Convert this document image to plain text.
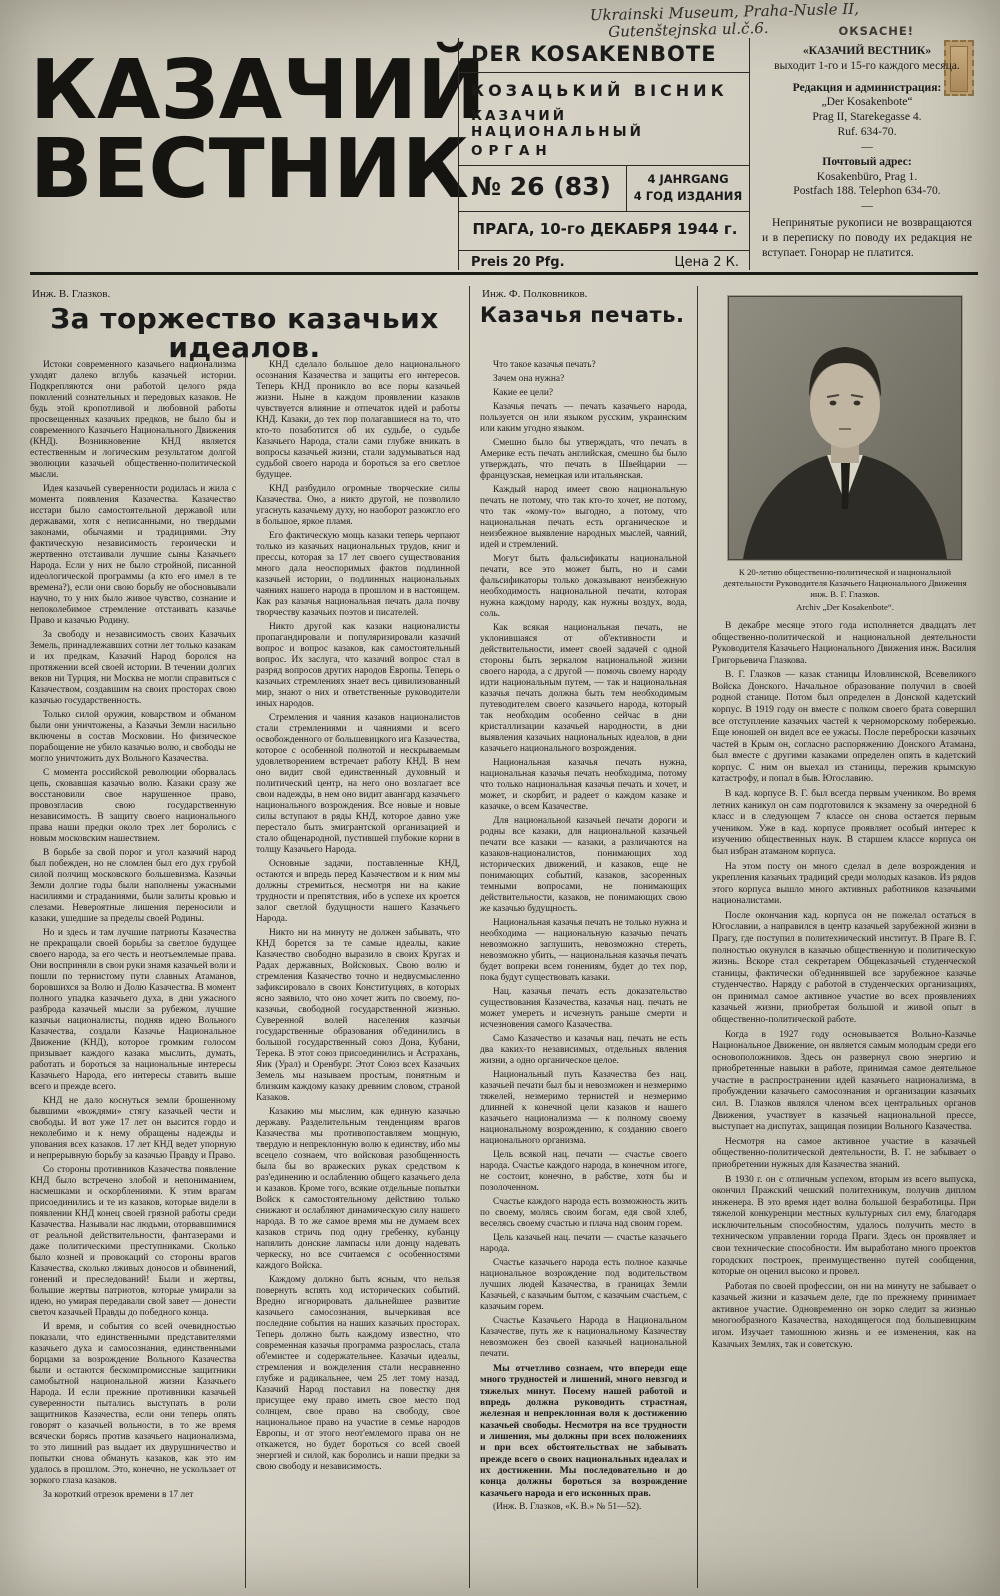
Ukrainski Museum, Praha-Nusle II,
Gutenštejnska ul.č.6.	ОКSACHE!
КАЗАЧИЙ
ВЕСТНИК
DER KOSAKENBOTE
КОЗАЦЬКИЙ ВІСНИК
КАЗАЧИЙ НАЦИОНАЛЬНЫЙ
ОРГАН
№ 26 (83)	4 JAHRGANG
4 ГОД ИЗДАНИЯ
ПРАГА, 10-го ДЕКАБРЯ 1944 г.
Preis 20 Pfg.	Цена 2 К.
«КАЗАЧИЙ ВЕСТНИК»
выходит 1-го и 15-го каждого месяца.
Редакция и администрация:
„Der Kosakenbote“
Prag II, Starekegasse 4.
Ruf. 634-70.
—
Почтовый адрес:
Kosakenbüro, Prag 1.
Postfach 188. Telephon 634-70.
—
Непринятые рукописи не возвращаются и в переписку по поводу их редакция не вступает. Гонорар не платится.
Инж. В. Глазков.
За торжество казачьих идеалов.
Инж. Ф. Полковников.
Казачья печать.

Истоки современного казачьего национализма уходят далеко вглубь казачьей истории. Подкрепляются они работой целого ряда поколений сознательных и передовых казаков. Не будь этой кропотливой и любовной работы просвещенных казачьих предков, не было бы и современного Казачьего Национального Движения (КНД). Возникновение КНД является естественным и логическим результатом долгой эволюции казачьей общественно-политической мысли.

Идея казачьей суверенности родилась и жила с момента появления Казачества. Казачество исстари было самостоятельной державой или державами, хотя с неписанными, но твердыми законами, обычаями и традициями. Эту фактическую независимость героически и жертвенно отстаивали лучшие сыны Казачьего Народа. Если у них не было стройной, писанной идеологической программы (а кто его имел в те времена?), если они свою борьбу не обосновывали научно, то у них было живое чувство, сознание и непоколебимое стремление отстаивать казачье Право и казачью Родину.

За свободу и независимость своих Казачьих Земель, принадлежавших сотни лет только казакам и их предкам, Казачий Народ боролся на протяжении всей своей истории. В течении долгих веков ни Турция, ни Москва не могли справиться с Казачеством, создавшим на своих просторах свою казачью государственность.

Только силой оружия, коварством и обманом были они уничтожены, а Казачьи Земли насильно включены в состав Московии. Но физическое порабощение не убило казачью волю, и свободы не могло уничтожить дух Вольного Казачества.

С момента российской революции оборвалась цепь, сковавшая казачью волю. Казаки сразу же восстановили свое нарушенное право, провозгласив свою государственную независимость. В защиту своего национального права наши предки около трех лет боролись с новым московским нашествием.

В борьбе за свой порог и угол казачий народ был побежден, но не сломлен был его дух грубой силой полчищ московского большевизма. Казачьи Земли долгие годы были наполнены ужасными насилиями и страданиями, были залиты кровью и слезами. Невероятные лишения переносили и казаки, ушедшие за пределы своей Родины.

Но и здесь и там лучшие патриоты Казачества не прекращали своей борьбы за светлое будущее своего народа, за его честь и неотъемлемые права. Они восприняли в свои руки знамя казачьей воли и пошли по тернистому пути славных Атаманов, боровшихся за Волю и Долю Казачества. В момент полного упадка казачьего духа, в дни ужасного разброда казачьей мысли за рубежом, лучшие казачьи националисты, подняв идею Вольного Казачества, создали Казачье Национальное Движение (КНД), которое громким голосом призывает каждого казака мыслить, думать, работать и бороться за национальные интересы Казачьего Народа, его интересы ставить выше всего и прежде всего.

КНД не дало коснуться земли брошенному бывшими «вождями» стягу казачьей чести и свободы. И вот уже 17 лет он высится гордо и неколебимо и к нему обращены надежды и упования всех казаков. 17 лет КНД ведет упорную и непрерывную борьбу за казачью Правду и Право.

Со стороны противников Казачества появление КНД было встречено злобой и непониманием, насмешками и оскорблениями. К этим врагам присоединились и те из казаков, которые видели в появлении КНД конец своей грязной работы среди Казачества. Называли нас людьми, оторвавшимися от реальной действительности, фантазерами и даже политическими преступниками. Сколько было козней и провокаций со стороны врагов Казачества, сколько лживых доносов и обвинений, гонений и преследований! Были и жертвы, большие жертвы патриотов, которые умирали за идею, но умирая передавали свой завет — донести светоч казачьей Правды до победного конца.

И время, и события со всей очевидностью показали, что единственными представителями казачьего духа и самосознания, единственными борцами за возрождение Вольного Казачества были и остаются бескомпромиссные защитники самобытной национальной жизни Казачьего Народа. И если прежние противники казачьей суверенности пытались выступать в роли защитников Казачества, если они теперь опять говорят о казачьей вольности, в то же время всячески борясь против казачьего национализма, то это лишний раз выдает их двурушничество и попытки снова обмануть казаков, как это им удалось в прошлом. Это, конечно, не ускользает от зоркого глаза казаков.

За короткий отрезок времени в 17 лет

КНД сделало большое дело национального осознания Казачества и защиты его интересов. Теперь КНД проникло во все поры казачьей жизни. Ныне в каждом проявлении казаков чувствуется влияние и отпечаток идей и работы КНД. Казаки, до тех пор полагавшиеся на то, что кто-то позаботится об их судьбе, о судьбе Казачьего Народа, стали сами глубже вникать в вопросы казачьей жизни, стали задумываться над судьбой своего народа и бороться за его светлое будущее.

КНД разбудило огромные творческие силы Казачества. Оно, а никто другой, не позволило угаснуть казачьему духу, но наоборот разожгло его в большое, яркое пламя.

Его фактическую мощь казаки теперь черпают только из казачьих национальных трудов, книг и прессы, которая за 17 лет своего существования много дала неоспоримых фактов подлинной казачьей истории, о подлинных национальных чаяниях нашего народа в прошлом и в настоящем. Как раз казачья национальная печать дала почву творчеству казачьих поэтов и писателей.

Никто другой как казаки националисты пропагандировали и популяризировали казачий вопрос и вопрос казаков, как самостоятельный вопрос. Их заслуга, что казачий вопрос стал в разряд вопросов других народов Европы. Теперь о казачьих стремлениях знает весь цивилизованный мир, знают о них и ответственные руководители иных народов.

Стремления и чаяния казаков националистов стали стремлениями и чаяниями и всего освобожденного от большевицкого ига Казачества, которое с особенной полнотой и нескрываемым удовлетворением встречает работу КНД. В нем оно видит свой единственный духовный и политический центр, на него оно возлагает все свои надежды, в нем оно видит авангард казачьего национального возрождения. Все новые и новые силы вступают в ряды КНД, которое давно уже перестало быть эмигрантской организацией и стало общенародной, пустившей глубокие корни в толщу Казачьего Народа.

Основные задачи, поставленные КНД, остаются и впредь перед Казачеством и к ним мы должны стремиться, несмотря ни на какие трудности и препятствия, ибо в успехе их кроется залог светлой будущности нашего Казачьего Народа.

Никто ни на минуту не должен забывать, что КНД борется за те самые идеалы, какие Казачество свободно выразило в своих Кругах и Радах державных, Войсковых. Свою волю и стремления Казачество точно и недвусмысленно зафиксировало в своих Конституциях, в которых ясно заявило, что оно хочет жить по своему, по-казачьи, свободной государственной жизнью. Суверенной волей населения казачьи государственные образования об'единились в большой государственный союз Дона, Кубани, Терека. В этот союз присоединились и Астрахань, Яик (Урал) и Оренбург. Этот Союз всех Казачьих Земель мы называем простым, понятным и близким каждому казаку древним словом, страной Казаков.

Казакию мы мыслим, как единую казачью державу. Разделительным тенденциям врагов Казачества мы противопоставляем мощную, твердую и непреклонную волю к единству, ибо мы всецело сознаем, что войсковая разобщенность была бы во вражеских руках средством к раз'единению и ослаблению общего казачьего дела и казаков. Кроме того, всякие отдельные попытки Войск к самостоятельному действию только снижают и ослабляют динамическую силу нашего народа. В то же самое время мы не думаем всех казаков стричь под одну гребенку, кубанцу напялить донские лампасы или донцу надевать черкеску, но все считаемся с особенностями каждого Войска.

Каждому должно быть ясным, что нельзя повернуть вспять ход исторических событий. Вредно игнорировать дальнейшее развитие казачьего самосознания, вычеркивая все последние события на наших казачьих просторах. Теперь должно быть каждому известно, что современная казачья программа разрослась, стала об'емистее и содержательнее. Казачьи идеалы, стремления и вожделения стали несравненно глубже и радикальнее, чем 25 лет тому назад. Казачий Народ поставил на повестку дня присущее ему право иметь свое место под солнцем, свое право на свободу, свое национальное право на участие в семье народов Европы, и от этого неот'емлемого права он не откажется, но будет бороться со всей своей энергией и силой, как боролись и наши предки за свою свободу и независимость.

Что такое казачья печать?

Зачем она нужна?

Какие ее цели?

Казачья печать — печать казачьего народа, пользуется он или языком русским, украинским или каким угодно языком.

Смешно было бы утверждать, что печать в Америке есть печать английская, смешно бы было утверждать, что печать в Швейцарии — французская, немецкая или итальянская.

Каждый народ имеет свою национальную печать не потому, что так кто-то хочет, не потому, что так «кому-то» выгодно, а потому, что национальная печать есть органическое и неизбежное выявление народных мыслей, чаяний, идей и стремлений.

Могут быть фальсификаты национальной печати, все это может быть, но и сами фальсификаторы только доказывают неизбежную необходимость национальной печати, которая нужна каждому народу, как нужны воздух, вода, соль.

Как всякая национальная печать, не уклонившаяся от об'ективности и действительности, имеет своей задачей с одной стороны быть зеркалом национальной жизни своего народа, а с другой — помочь своему народу идти национальным путем, — так и национальная казачья печать должна быть тем необходимым путеводителем своего казачьего народа, который так необходим особенно сейчас в дни кристаллизации казачьей народности, в дни выявления казачьих национальных идеалов, в дни казачьего национального возрождения.

Национальная казачья печать нужна, национальная казачья печать необходима, потому что только национальная казачья печать и хочет, и может, и скорбит, и радеет о каждом казаке и казачке, о всем Казачестве.

Для национальной казачьей печати дороги и родны все казаки, для национальной казачьей печати все казаки — казаки, а различаются на казаков-националистов, понимающих ход исторических движений, и казаков, еще не понимающих событий, казаков, засоренных темными вопросами, не понимающих действительности, казаков, не понимающих свою же казачью будущность.

Национальная казачья печать не только нужна и необходима — национальную казачью печать невозможно заглушить, невозможно стереть, невозможно убить, — национальная казачья печать будет вопреки всем гонениям, будет до тех пор, пока будут существовать казаки.

Нац. казачья печать есть доказательство существования Казачества, казачья нац. печать не может умереть и исчезнуть раньше смерти и исчезновения самого Казачества.

Само Казачество и казачья нац. печать не есть два каких-то независимых, отдельных явления жизни, а одно органическое целое.

Национальный путь Казачества без нац. казачьей печати был бы и невозможен и незмеримо тяжелей, незмеримо тернистей и незмеримо длинней к конечной цели казаков и нашего казачьего национализма — к полному своему национальному возрождению, к созданию своего национального организма.

Цель всякой нац. печати — счастье своего народа. Счастье каждого народа, в конечном итоге, не состоит, конечно, в рабстве, хотя бы и позолоченном.

Счастье каждого народа есть возможность жить по своему, молясь своим богам, едя свой хлеб, веселясь своему счастью и плача над своим горем.

Цель казачьей нац. печати — счастье казачьего народа.

Счастье казачьего народа есть полное казачье национальное возрождение под водительством лучших людей Казачества, в границах Земли Казачьей, с казачьим бытом, с казачьим счастьем, с казачьим горем.

Счастье Казачьего Народа в Национальном Казачестве, путь же к национальному Казачеству невозможен без своей казачьей национальной печати.

Мы отчетливо сознаем, что впереди еще много трудностей и лишений, много невзгод и тяжелых минут. Посему нашей работой и впредь должна руководить страстная, железная и непреклонная воля к достижению казачьей свободы. Несмотря на все трудности и лишения, мы должны при всех положениях и при всех обстоятельствах не забывать прежде всего о своих национальных идеалах и их достижении. Мы последовательно и до конца должны бороться за возрождение казачьего народа и его исконных прав.

(Инж. В. Глазков, «К. В.» № 51—52).
К 20-летию общественно-политической и национальной деятельности Руководителя Казачьего Национального Движения инж. В. Г. Глазков.
Archiv „Der Kosakenbote“.

В декабре месяце этого года исполняется двадцать лет общественно-политической и национальной деятельности Руководителя Казачьего Национального Движения инж. Василия Григорьевича Глазкова.

В. Г. Глазков — казак станицы Иловлинской, Всевеликого Войска Донского. Начальное образование получил в своей родной станице. Потом был определен в Донской кадетский корпус. В 1919 году он вместе с полком своего брата совершил все отступление казачьих частей к черноморскому побережью. Еще юношей он видел все ее ужасы. После переброски казачьих частей в Крым он, согласно распоряжению Донского Атамана, был вместе с другими казаками определен опять в кадетский корпус. С ним он выехал из станицы, пережив крымскую катастрофу, и попал в быв. Югославию.

В кад. корпусе В. Г. был всегда первым учеником. Во время летних каникул он сам подготовился к экзамену за очередной 6 класс и в следующем 7 классе он снова остается первым учеником. Уже в кад. корпусе проявляет особый интерес к изучению общественных наук. В старшем классе корпуса он был избран атаманом корпуса.

На этом посту он много сделал в деле возрождения и укрепления казачьих традиций среди молодых казаков. Из рядов этого корпуса вышло много активных работников казачьими националистами.

После окончания кад. корпуса он не пожелал остаться в Югославии, а направился в центр казачьей зарубежной жизни в Прагу, где поступил в политехнический институт. В Праге В. Г. полностью окунулся в казачью общественную и политическую жизнь. Вскоре стал секретарем Общеказачьей студенческой станицы, фактически об'единявшей все зарубежное казачье студенчество. Наряду с работой в студенческих организациях, он принимал самое активное участие во всех проявлениях казачьей жизни, приобретая большой и живой опыт в общественно-политической работе.

Когда в 1927 году основывается Вольно-Казачье Национальное Движение, он является самым молодым среди его основоположников. Здесь он развернул свою энергию и приобретенные навыки в работе, принимая самое деятельное участие в распространении идей казачьего национализма, в пробуждении казачьего самосознания и организации казачьих сил. В. Глазков являлся членом всех центральных органов Движения, участвует в казачьей национальной прессе, выступает на диспутах, защищая позиции Вольного Казачества.

Несмотря на самое активное участие в казачьей общественно-политической деятельности, В. Г. не забывает о приобретении нужных для Казачества знаний.

В 1930 г. он с отличным успехом, вторым из всего выпуска, окончил Пражский чешский политехникум, получив диплом инженера. В это время идет волна большой безработицы. При тяжелой конкуренции местных культурных сил ему, благодаря исключительным способностям, удалось получить место в техническом управлении города Праги. Здесь он проявляет и свои технические способности. Им выработано много проектов городских построек, преимущественно путей сообщения, которые он оценил высоко и провел.

Работая по своей профессии, он ни на минуту не забывает о казачьей жизни и казачьем деле, где по прежнему принимает активное участие. Одновременно он зорко следит за жизнью многообразного Казачества, находящегося под большевицким игом. Изучает тамошнюю жизнь и ее изменения, как на Казачьих Землях, так и советскую.
